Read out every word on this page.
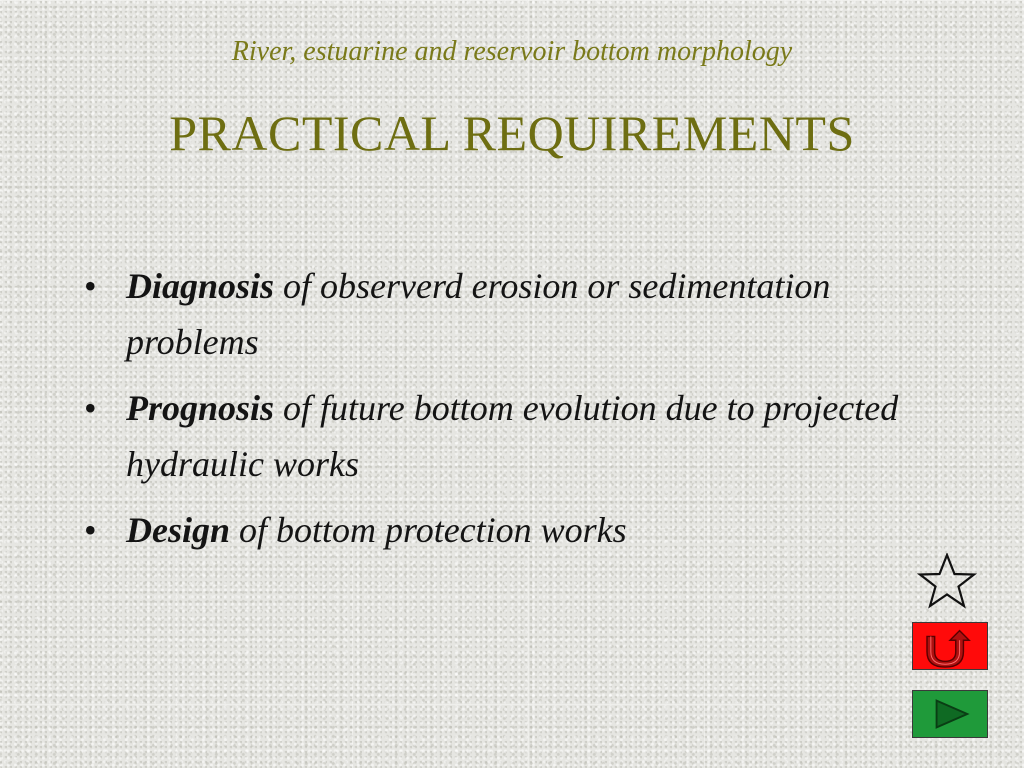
River, estuarine and reservoir bottom morphology
PRACTICAL REQUIREMENTS
• Diagnosis of observerd erosion or sedimentation problems
• Prognosis of future bottom evolution due to projected hydraulic works
• Design of bottom protection works
